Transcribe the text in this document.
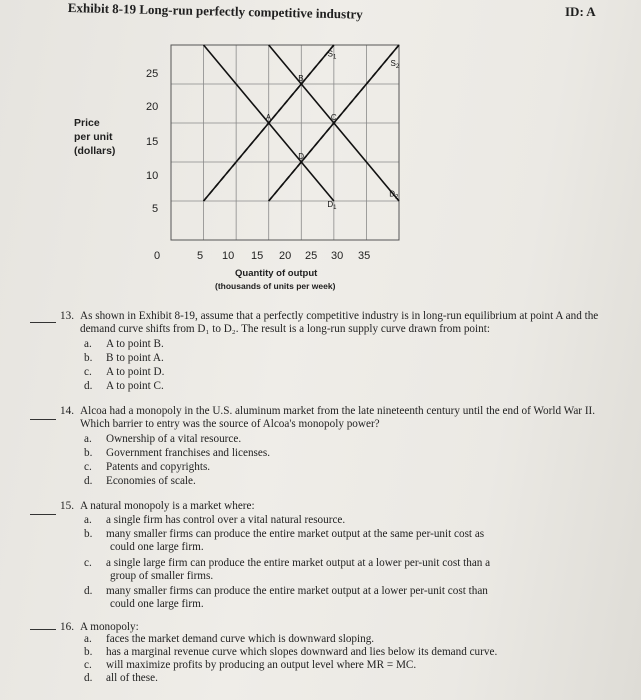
ID: A
Exhibit 8-19 Long-run perfectly competitive industry
Price
per unit
(dollars)
25
20
15
10
5
0	5 10 15 20 25 30 35
Quantity of output
(thousands of units per week)
$S_1$
$S_2$
$D_1$
$D_2$
A
B
C
D
13. As shown in Exhibit 8-19, assume that a perfectly competitive industry is in long-run equilibrium at point A and the demand curve shifts from D₁ to D₂. The result is a long-run supply curve drawn from point:
a. A to point B.
b. B to point A.
c. A to point D.
d. A to point C.
14. Alcoa had a monopoly in the U.S. aluminum market from the late nineteenth century until the end of World War II. Which barrier to entry was the source of Alcoa's monopoly power?
a. Ownership of a vital resource.
b. Government franchises and licenses.
c. Patents and copyrights.
d. Economies of scale.
15. A natural monopoly is a market where:
a. a single firm has control over a vital natural resource.
b. many smaller firms can produce the entire market output at the same per-unit cost as
could one large firm.
c. a single large firm can produce the entire market output at a lower per-unit cost than a
group of smaller firms.
d. many smaller firms can produce the entire market output at a lower per-unit cost than
could one large firm.
16. A monopoly:
a. faces the market demand curve which is downward sloping.
b. has a marginal revenue curve which slopes downward and lies below its demand curve.
c. will maximize profits by producing an output level where MR = MC.
d. all of these.
